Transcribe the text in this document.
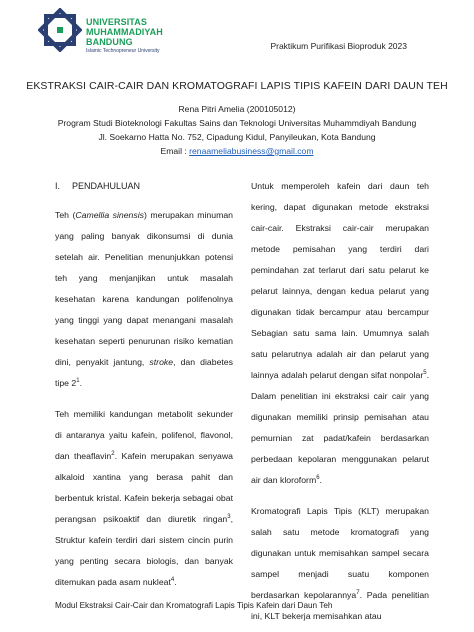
UNIVERSITAS
MUHAMMADIYAH
BANDUNG
Islamic Technopreneur University	Praktikum Purifikasi Bioproduk 2023
EKSTRAKSI CAIR-CAIR DAN KROMATOGRAFI LAPIS TIPIS KAFEIN DARI DAUN TEH
Rena Pitri Amelia (200105012)
Program Studi Bioteknologi Fakultas Sains dan Teknologi Universitas Muhammdiyah Bandung
Jl. Soekarno Hatta No. 752, Cipadung Kidul, Panyileukan, Kota Bandung
Email : renaameliabusiness@gmail.com
I. PENDAHULUAN

Teh (Camellia sinensis) merupakan minuman yang paling banyak dikonsumsi di dunia setelah air. Penelitian menunjukkan potensi teh yang menjanjikan untuk masalah kesehatan karena kandungan polifenolnya yang tinggi yang dapat menangani masalah kesehatan seperti penurunan risiko kematian dini, penyakit jantung, stroke, dan diabetes tipe $2^1$.

Teh memiliki kandungan metabolit sekunder di antaranya yaitu kafein, polifenol, flavonol, dan theaflavin$^2$. Kafein merupakan senyawa alkaloid xantina yang berasa pahit dan berbentuk kristal. Kafein bekerja sebagai obat perangsan psikoaktif dan diuretik ringan$^3$, Struktur kafein terdiri dari sistem cincin purin yang penting secara biologis, dan banyak ditemukan pada asam nukleat$^4$.

Untuk memperoleh kafein dari daun teh kering, dapat digunakan metode ekstraksi cair-cair. Ekstraksi cair-cair merupakan metode pemisahan yang terdiri dari pemindahan zat terlarut dari satu pelarut ke pelarut lainnya, dengan kedua pelarut yang digunakan tidak bercampur atau bercampur Sebagian satu sama lain. Umumnya salah satu pelarutnya adalah air dan pelarut yang lainnya adalah pelarut dengan sifat nonpolar$^5$. Dalam penelitian ini ekstraksi cair cair yang digunakan memiliki prinsip pemisahan atau pemurnian zat padat/kafein berdasarkan perbedaan kepolaran menggunakan pelarut air dan kloroform$^6$.

Kromatografi Lapis Tipis (KLT) merupakan salah satu metode kromatografi yang digunakan untuk memisahkan sampel secara sampel menjadi suatu komponen berdasarkan kepolarannya$^7$. Pada penelitian ini, KLT bekerja memisahkan atau

Modul Ekstraksi Cair-Cair dan Kromatografi Lapis Tipis Kafein dari Daun Teh
